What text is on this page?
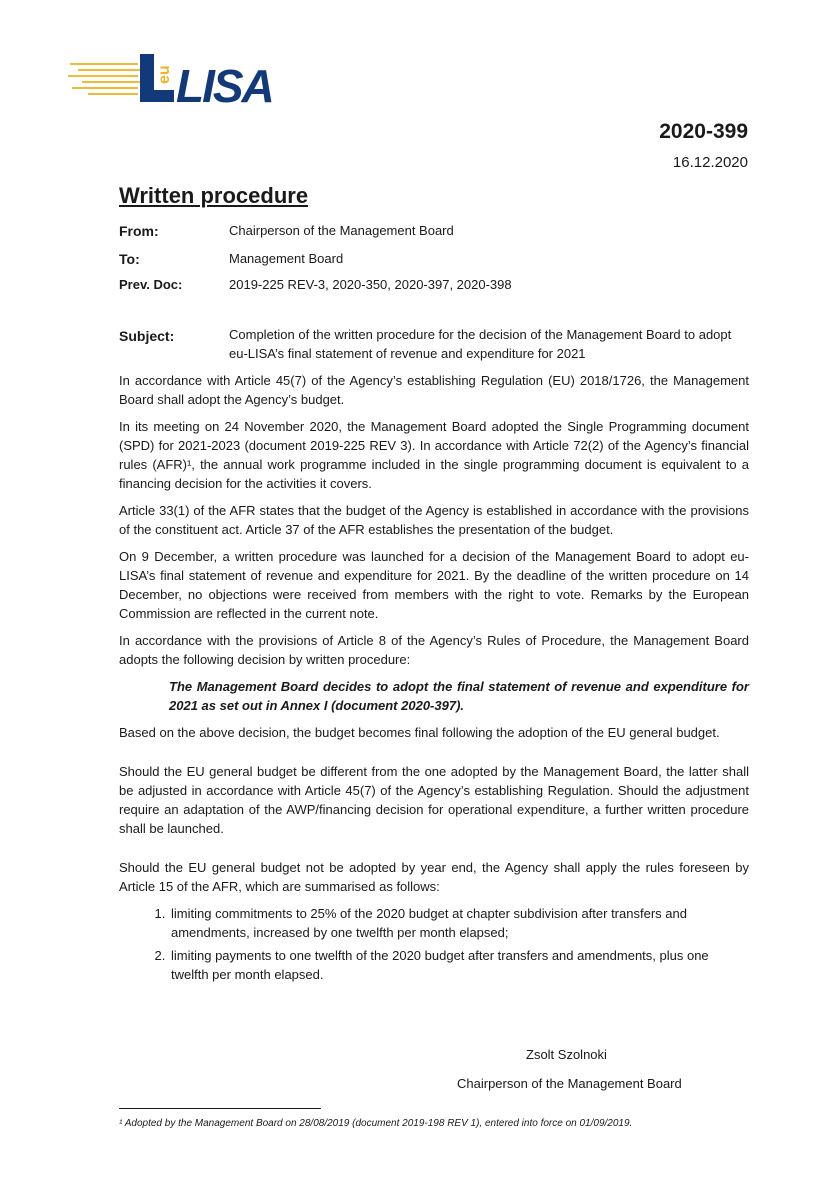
eu LISA
2020-399
16.12.2020
Written procedure
From:	Chairperson of the Management Board
To:	Management Board
Prev. Doc:	2019-225 REV-3, 2020-350, 2020-397, 2020-398
Subject:	Completion of the written procedure for the decision of the Management Board to adopt eu-LISA’s final statement of revenue and expenditure for 2021

In accordance with Article 45(7) of the Agency’s establishing Regulation (EU) 2018/1726, the Management Board shall adopt the Agency’s budget.

In its meeting on 24 November 2020, the Management Board adopted the Single Programming document (SPD) for 2021-2023 (document 2019-225 REV 3). In accordance with Article 72(2) of the Agency’s financial rules (AFR)¹, the annual work programme included in the single programming document is equivalent to a financing decision for the activities it covers.

Article 33(1) of the AFR states that the budget of the Agency is established in accordance with the provisions of the constituent act. Article 37 of the AFR establishes the presentation of the budget.

On 9 December, a written procedure was launched for a decision of the Management Board to adopt eu-LISA’s final statement of revenue and expenditure for 2021. By the deadline of the written procedure on 14 December, no objections were received from members with the right to vote. Remarks by the European Commission are reflected in the current note.

In accordance with the provisions of Article 8 of the Agency’s Rules of Procedure, the Management Board adopts the following decision by written procedure:

The Management Board decides to adopt the final statement of revenue and expenditure for 2021 as set out in Annex I (document 2020-397).

Based on the above decision, the budget becomes final following the adoption of the EU general budget.

Should the EU general budget be different from the one adopted by the Management Board, the latter shall be adjusted in accordance with Article 45(7) of the Agency’s establishing Regulation. Should the adjustment require an adaptation of the AWP/financing decision for operational expenditure, a further written procedure shall be launched.

Should the EU general budget not be adopted by year end, the Agency shall apply the rules foreseen by Article 15 of the AFR, which are summarised as follows:

1. limiting commitments to 25% of the 2020 budget at chapter subdivision after transfers and amendments, increased by one twelfth per month elapsed;
2. limiting payments to one twelfth of the 2020 budget after transfers and amendments, plus one twelfth per month elapsed.
Zsolt Szolnoki
Chairperson of the Management Board
¹ Adopted by the Management Board on 28/08/2019 (document 2019-198 REV 1), entered into force on 01/09/2019.
